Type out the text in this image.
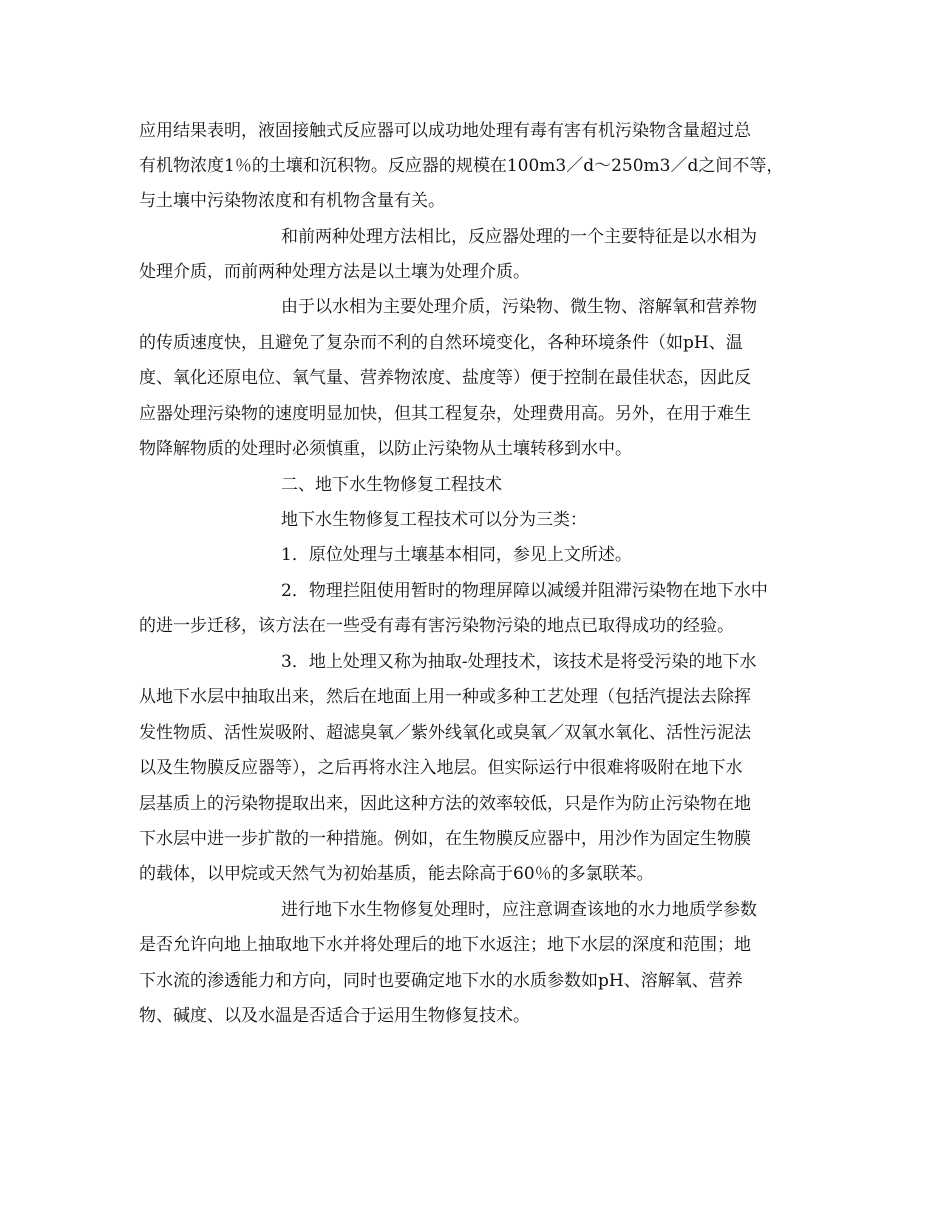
应用结果表明，液固接触式反应器可以成功地处理有毒有害有机污染物含量超过总
有机物浓度1％的土壤和沉积物。反应器的规模在100m3／d～250m3／d之间不等，
与土壤中污染物浓度和有机物含量有关。
和前两种处理方法相比，反应器处理的一个主要特征是以水相为
处理介质，而前两种处理方法是以土壤为处理介质。
由于以水相为主要处理介质，污染物、微生物、溶解氧和营养物
的传质速度快，且避免了复杂而不利的自然环境变化，各种环境条件（如pH、温
度、氧化还原电位、氧气量、营养物浓度、盐度等）便于控制在最佳状态，因此反
应器处理污染物的速度明显加快，但其工程复杂，处理费用高。另外，在用于难生
物降解物质的处理时必须慎重，以防止污染物从土壤转移到水中。
二、地下水生物修复工程技术
地下水生物修复工程技术可以分为三类：
1．原位处理与土壤基本相同，参见上文所述。
2．物理拦阻使用暂时的物理屏障以减缓并阻滞污染物在地下水中
的进一步迁移，该方法在一些受有毒有害污染物污染的地点已取得成功的经验。
3．地上处理又称为抽取-处理技术，该技术是将受污染的地下水
从地下水层中抽取出来，然后在地面上用一种或多种工艺处理（包括汽提法去除挥
发性物质、活性炭吸附、超滤臭氧／紫外线氧化或臭氧／双氧水氧化、活性污泥法
以及生物膜反应器等），之后再将水注入地层。但实际运行中很难将吸附在地下水
层基质上的污染物提取出来，因此这种方法的效率较低，只是作为防止污染物在地
下水层中进一步扩散的一种措施。例如，在生物膜反应器中，用沙作为固定生物膜
的载体，以甲烷或天然气为初始基质，能去除高于60％的多氯联苯。
进行地下水生物修复处理时，应注意调查该地的水力地质学参数
是否允许向地上抽取地下水并将处理后的地下水返注；地下水层的深度和范围；地
下水流的渗透能力和方向，同时也要确定地下水的水质参数如pH、溶解氧、营养
物、碱度、以及水温是否适合于运用生物修复技术。
